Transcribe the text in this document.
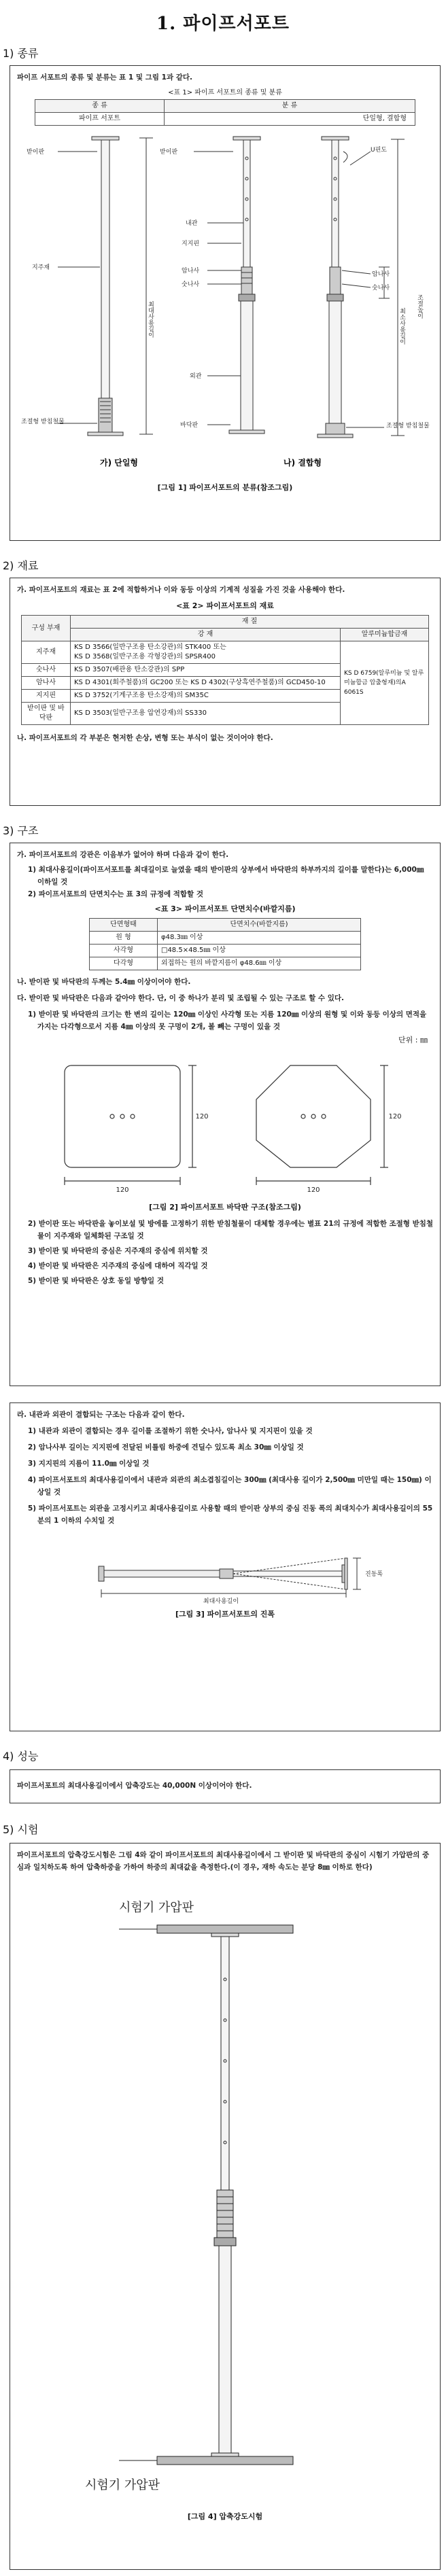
1. 파이프서포트
1) 종류
파이프 서포트의 종류 및 분류는 표 1 및 그림 1과 같다.
<표 1> 파이프 서포트의 종류 및 분류
종 류	분 류
파이프 서포트	단일형, 결합형
받이판
지주재
조절형 받침철물
받이판	U핀도
내관
지지핀
암나사
숫나사
외관
바닥판
암나사
숫나사
조절형 받침철물
최대사용길이	최소사용길이
조절높이
가) 단일형	나) 결합형
[그림 1] 파이프서포트의 분류(참조그림)
2) 재료
가. 파이프서포트의 재료는 표 2에 적합하거나 이와 동등 이상의 기계적 성질을 가진 것을 사용해야 한다.
<표 2> 파이프서포트의 재료
구성 부재	재 질	
	강 재	알루미늄합금재
지주재	KS D 3566(일반구조용 탄소강관)의 STK400 또는
KS D 3568(일반구조용 각형강관)의 SPSR400	KS D 6759(알루미늄 및 알루미늄합금 압출형재)의A 6061S
숫나사	KS D 3507(배관용 탄소강관)의 SPP	
암나사	KS D 4301(회주철품)의 GC200 또는 KS D 4302(구상흑연주철품)의 GCD450-10	
지지핀	KS D 3752(기계구조용 탄소강재)의 SM35C	
받이판 및 바닥판	KS D 3503(일반구조용 압연강재)의 SS330	
나. 파이프서포트의 각 부분은 현저한 손상, 변형 또는 부식이 없는 것이어야 한다.
3) 구조
가. 파이프서포트의 강관은 이음부가 없어야 하며 다음과 같이 한다.
1) 최대사용길이(파이프서포트를 최대길이로 늘였을 때의 받이판의 상부에서 바닥판의 하부까지의 길이를 말한다)는 6,000㎜ 이하일 것
2) 파이프서포트의 단면치수는 표 3의 규정에 적합할 것
<표 3> 파이프서포트 단면치수(바깥지름)
단면형태	단면치수(바깥지름)
원 형	φ48.3㎜ 이상
사각형	□48.5×48.5㎜ 이상
다각형	외접하는 원의 바깥지름이 φ48.6㎜ 이상
나. 받이판 및 바닥판의 두께는 5.4㎜ 이상이어야 한다.
다. 받이판 및 바닥판은 다음과 같아야 한다. 단, 이 중 하나가 분리 및 조립될 수 있는 구조로 할 수 있다.
1) 받이판 및 바닥판의 크기는 한 변의 길이는 120㎜ 이상인 사각형 또는 지름 120㎜ 이상의 원형 및 이와 동등 이상의 면적을 가지는 다각형으로서 지름 4㎜ 이상의 못 구멍이 2개, 볼 빼는 구멍이 있을 것
단위 : ㎜
120	120
120	120
[그림 2] 파이프서포트 바닥판 구조(참조그림)
2) 받이판 또는 바닥판을 놓이보설 및 방에를 고정하기 위한 받침철물이 대체할 경우에는 별표 21의 규정에 적합한 조절형 받침철물이 지주재와 일체화된 구조일 것
3) 받이판 및 바닥판의 중심은 지주재의 중심에 위치할 것
4) 받이판 및 바닥판은 지주재의 중심에 대하여 직각일 것
5) 받이판 및 바닥판은 상호 동일 방향일 것
라. 내관과 외관이 결합되는 구조는 다음과 같이 한다.
1) 내관과 외관이 결합되는 경우 길이를 조절하기 위한 숫나사, 암나사 및 지지핀이 있을 것
2) 암나사부 길이는 지지핀에 전달된 비틀림 하중에 견딜수 있도록 최소 30㎜ 이상일 것
3) 지지핀의 지름이 11.0㎜ 이상일 것
4) 파이프서포트의 최대사용길이에서 내관과 외관의 최소겹침길이는 300㎜ (최대사용 길이가 2,500㎜ 미만일 때는 150㎜) 이상일 것
5) 파이프서포트는 외관을 고정시키고 최대사용길이로 사용할 때의 받이판 상부의 중심 진동 폭의 최대치수가 최대사용길이의 55분의 1 이하의 수치일 것
최대사용길이
진동폭
[그림 3] 파이프서포트의 진폭
4) 성능
파이프서포트의 최대사용길이에서 압축강도는 40,000N 이상이어야 한다.
5) 시험
파이프서포트의 압축강도시험은 그림 4와 같이 파이프서포트의 최대사용길이에서 그 받이판 및 바닥판의 중심이 시험기 가압판의 중심과 일치하도록 하여 압축하중을 가하여 하중의 최대값을 측정한다.(이 경우, 재하 속도는 분당 8㎜ 이하로 한다)
시험기 가압판
시험기 가압판
[그림 4] 압축강도시험
